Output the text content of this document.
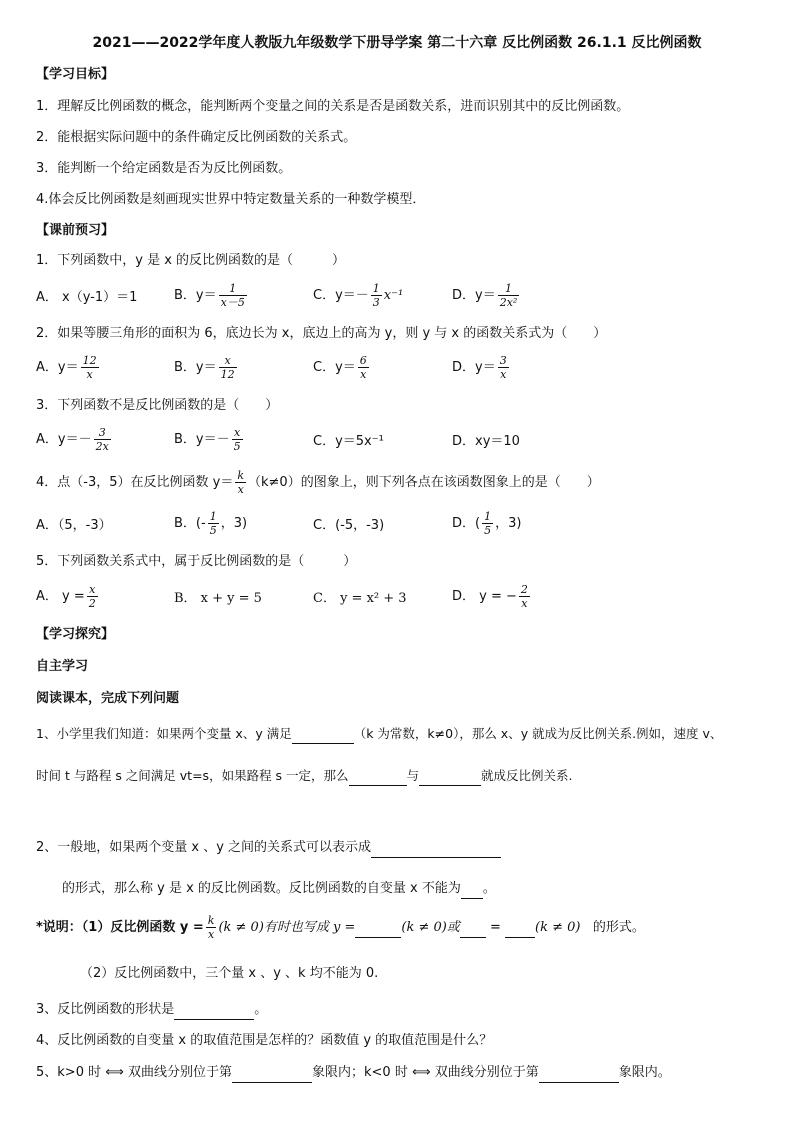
2021——2022学年度人教版九年级数学下册导学案 第二十六章 反比例函数 26.1.1 反比例函数
【学习目标】
1．理解反比例函数的概念，能判断两个变量之间的关系是否是函数关系，进而识别其中的反比例函数。
2．能根据实际问题中的条件确定反比例函数的关系式。
3．能判断一个给定函数是否为反比例函数。
4.体会反比例函数是刻画现实世界中特定数量关系的一种数学模型．
【课前预习】
1．下列函数中，y 是 x 的反比例函数的是（　　　）
A． x（y-1）＝1	B．$y= \frac{1}{x-5}$	C．$y=- \frac{1}{3} x^{-1}$	D．$y= \frac{1}{\text{2x²}}$
2．如果等腰三角形的面积为 6，底边长为 x，底边上的高为 y，则 y 与 x 的函数关系式为（　　）
A．$y= \frac{12}{x}$	B．$y= \frac{x}{12}$	C．$y= \frac{6}{x}$	D．$y= \frac{3}{x}$
3．下列函数不是反比例函数的是（　　）
A．$y=- \frac{3}{2x}$	B．$y=- \frac{x}{5}$	C．y＝5x⁻¹	D．xy＝10
4．点（-3，5）在反比例函数 $y= \frac{k}{x} (k\ne 0)$的图象上，则下列各点在该函数图象上的是（　　）
A．（5，-3）	B．(- $\frac{1}{5}$ ，3)	C．(-5，-3)	D．( $\frac{1}{5}$ ，3)
5．下列函数关系式中，属于反比例函数的是（　　　）
A． $y = \frac{x}{2}$	B． x + y = 5	C． y = x² + 3	D． y = − $\frac{2}{x}$
【学习探究】
自主学习
阅读课本，完成下列问题
1、小学里我们知道：如果两个变量 x、y 满足	（k 为常数，k≠0），那么 x、y 就成为反比例关系.例如，速度 v、
时间 t 与路程 s 之间满足 vt=s，如果路程 s 一定，那么	与	就成反比例关系.
2、一般地，如果两个变量 x 、y 之间的关系式可以表示成
的形式，那么称 y 是 x 的反比例函数。反比例函数的自变量 x 不能为 。
*说明：（1）反比例函数 $y = \frac{k}{x} (k \ne 0)$有时也写成 y =	(k ≠ 0)或 =	(k ≠ 0) 的形式。
（2）反比例函数中，三个量 x 、y 、k 均不能为 0.
3、反比例函数的形状是	。
4、反比例函数的自变量 x 的取值范围是怎样的？函数值 y 的取值范围是什么？
5、k>0 时 ⟺ 双曲线分别位于第	象限内；k<0 时 ⟺ 双曲线分别位于第	象限内。
